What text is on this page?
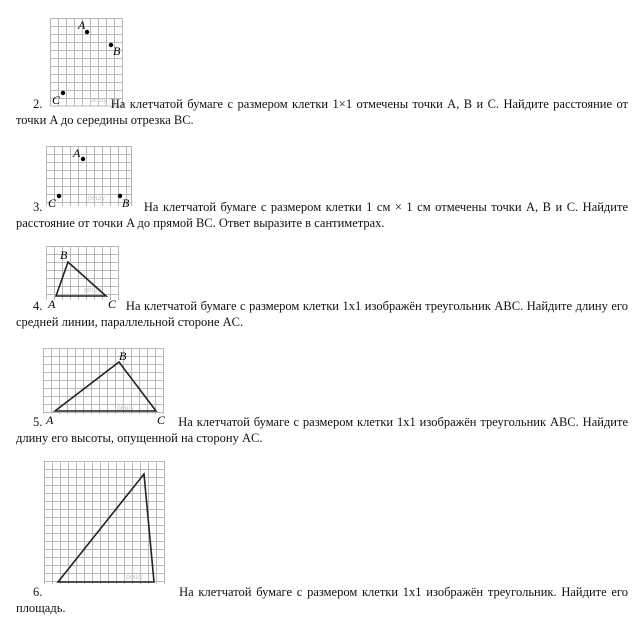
решу
A
B
C
2.	На клетчатой бумаге с размером клетки 1×1 отмечены точки A, B и C. Найдите расстояние от точки A до середины отрезка BC.
решу
A
B
C
3.	На клетчатой бумаге с размером клетки 1 см × 1 см отмечены точки A, B и C. Найдите расстояние от точки A до прямой BC. Ответ выразите в сантиметрах.
решу
A
B
C
4.	На клетчатой бумаге с размером клетки 1x1 изображён треугольник ABC. Найдите длину его средней линии, параллельной стороне AC.
решу
A
B
C
5.	На клетчатой бумаге с размером клетки 1x1 изображён треугольник ABC. Найдите длину его высоты, опущенной на сторону AC.
решу
6.	На клетчатой бумаге с размером клетки 1x1 изображён треугольник. Найдите его площадь.
